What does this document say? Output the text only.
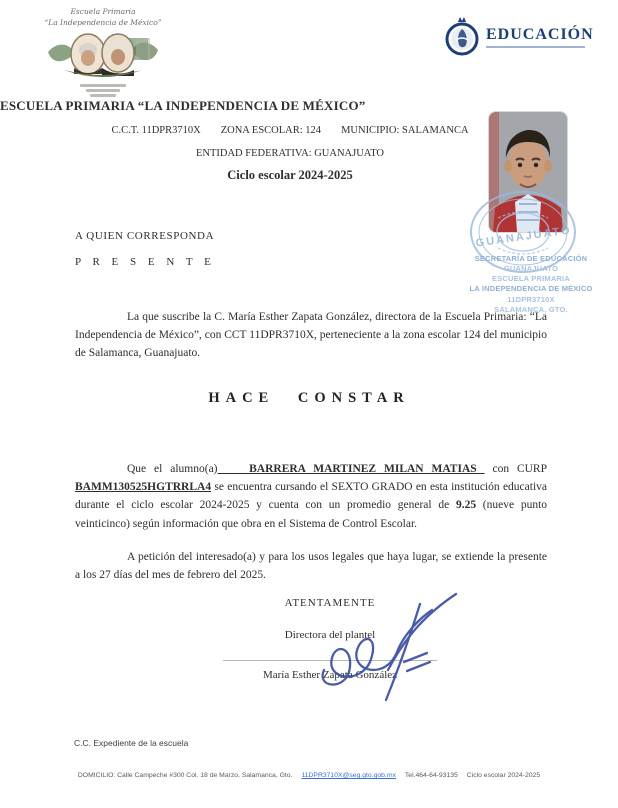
Escuela Primaria
“La Independencia de México”
EDUCACIÓN
ESCUELA PRIMARIA “LA INDEPENDENCIA DE MÉXICO”
C.C.T. 11DPR3710X ZONA ESCOLAR: 124 MUNICIPIO: SALAMANCA
ENTIDAD FEDERATIVA: GUANAJUATO
Ciclo escolar 2024-2025
GUANAJUATO
SECRETARÍA DE EDUCACIÓN
GUANAJUATO
ESCUELA PRIMARIA
LA INDEPENDENCIA DE MÉXICO
11DPR3710X
SALAMANCA, GTO.
A QUIEN CORRESPONDA
P R E S E N T E

La que suscribe la C. María Esther Zapata González, directora de la Escuela Primaria: “La Independencia de México”, con CCT 11DPR3710X, perteneciente a la zona escolar 124 del municipio de Salamanca, Guanajuato.

HACE CONSTAR

Que el alumno(a)	BARRERA MARTINEZ MILAN MATIAS  con CURP BAMM130525HGTRRLA4 se encuentra cursando el SEXTO GRADO en esta institución educativa durante el ciclo escolar 2024-2025 y cuenta con un promedio general de 9.25 (nueve punto veinticinco) según información que obra en el Sistema de Control Escolar.

A petición del interesado(a) y para los usos legales que haya lugar, se extiende la presente a los 27 días del mes de febrero del 2025.

ATENTAMENTE
Directora del plantel
María Esther Zapata González
C.C. Expediente de la escuela
DOMICILIO: Calle Campeche #300 Col. 18 de Marzo, Salamanca, Gto. 11DPR3710X@seg.gto.gob.mx Tel.464-64-93135 Ciclo escolar 2024-2025
